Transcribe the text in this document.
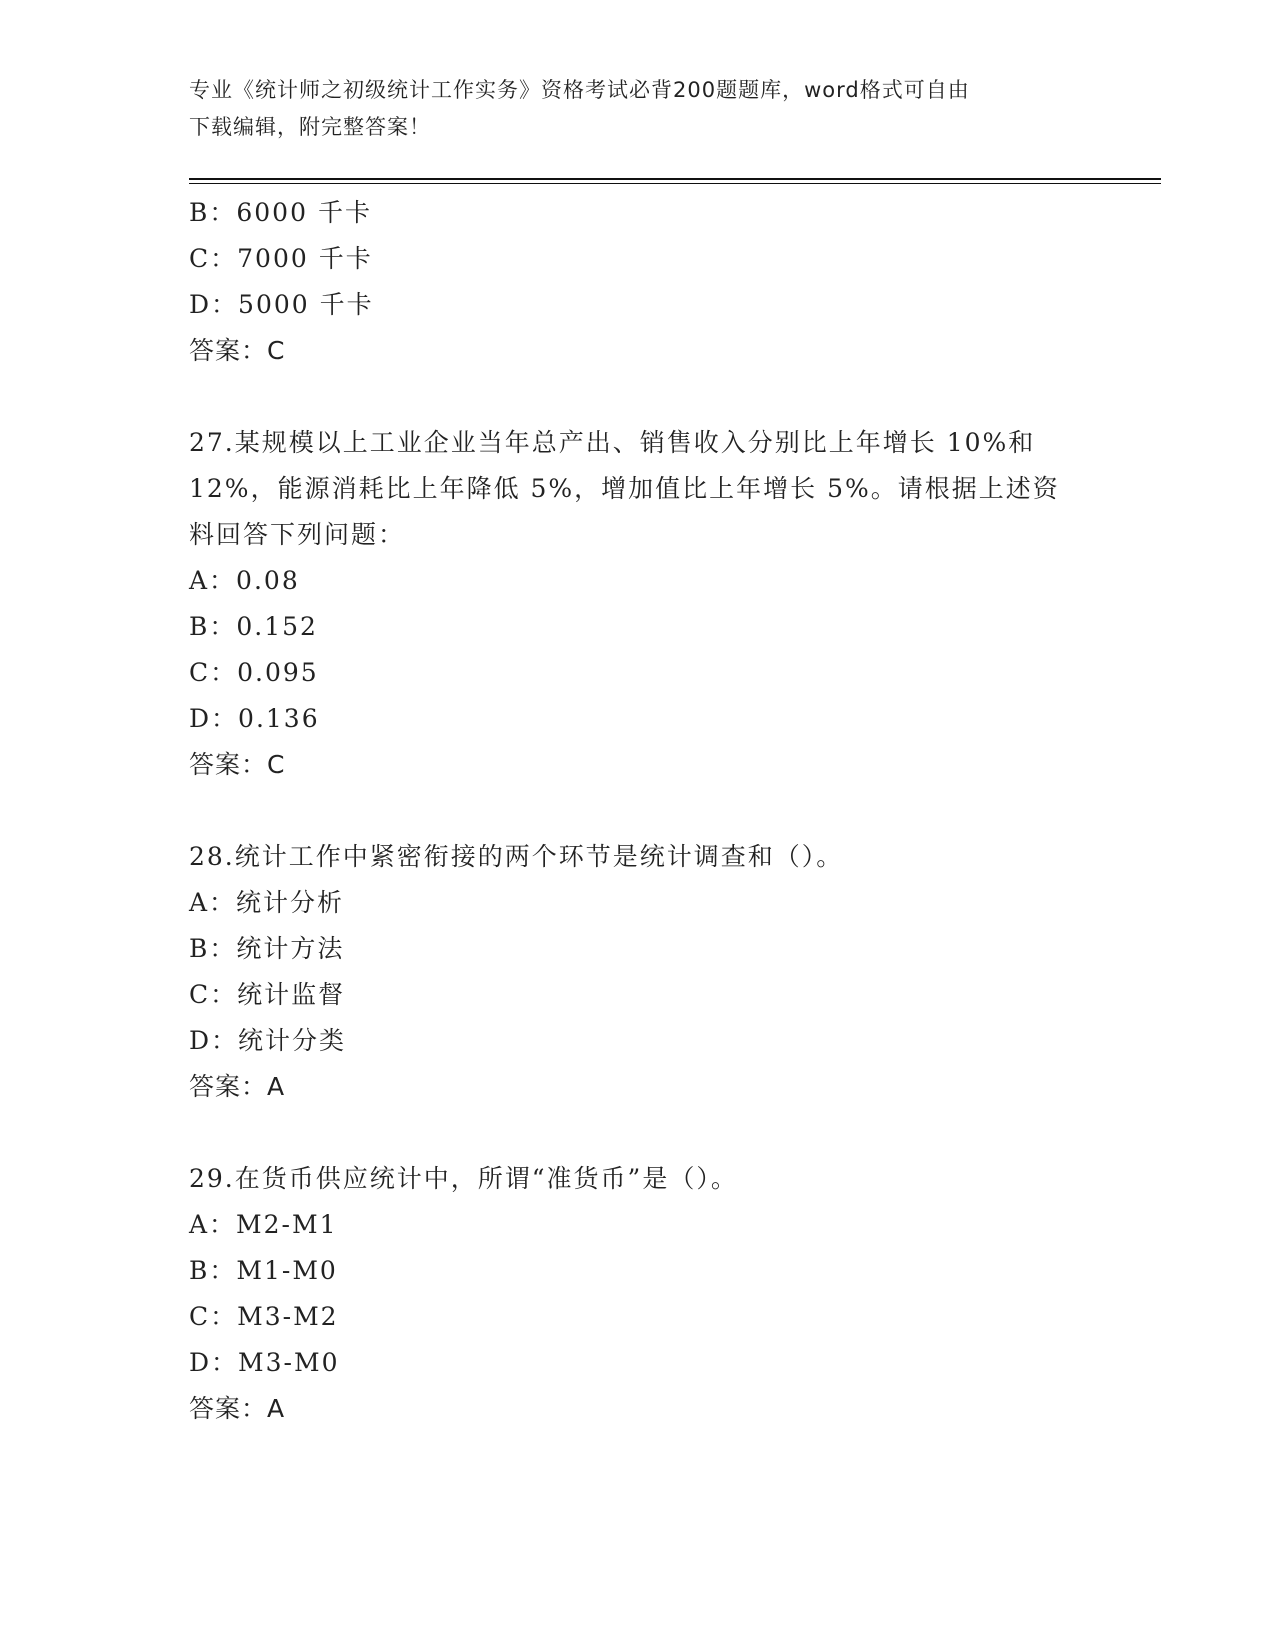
专业《统计师之初级统计工作实务》资格考试必背200题题库，word格式可自由
下载编辑，附完整答案！
B：6000 千卡
C：7000 千卡
D：5000 千卡
答案：C
27.某规模以上工业企业当年总产出、销售收入分别比上年增长 10%和
12%，能源消耗比上年降低 5%，增加值比上年增长 5%。请根据上述资
料回答下列问题：
A：0.08
B：0.152
C：0.095
D：0.136
答案：C
28.统计工作中紧密衔接的两个环节是统计调查和（）。
A：统计分析
B：统计方法
C：统计监督
D：统计分类
答案：A
29.在货币供应统计中，所谓“准货币”是（）。
A：M2-M1
B：M1-M0
C：M3-M2
D：M3-M0
答案：A
